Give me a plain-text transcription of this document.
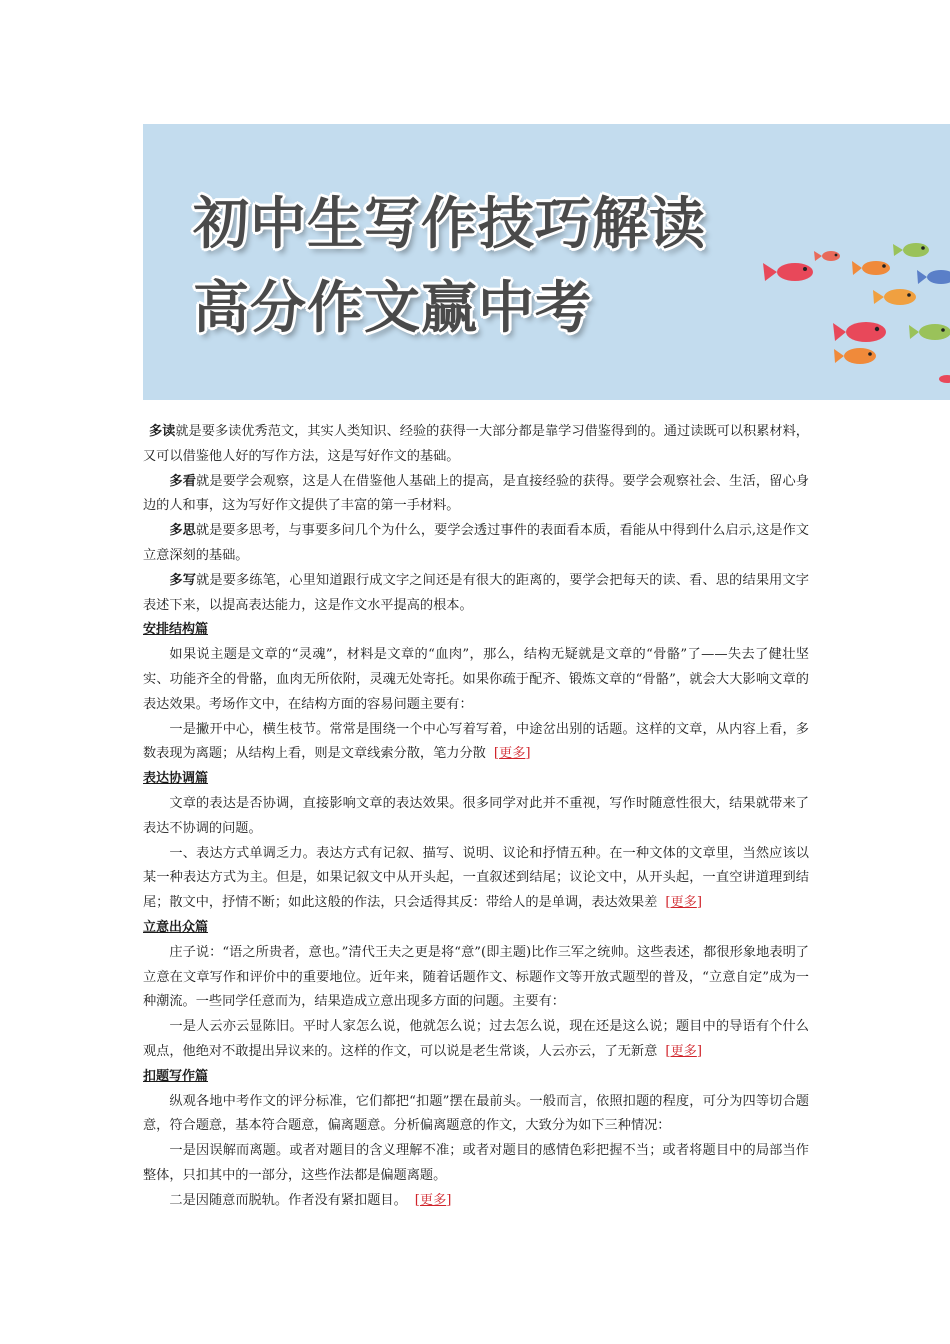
初中生写作技巧解读
高分作文赢中考

多读就是要多读优秀范文，其实人类知识、经验的获得一大部分都是靠学习借鉴得到的。通过读既可以积累材料，又可以借鉴他人好的写作方法，这是写好作文的基础。

多看就是要学会观察，这是人在借鉴他人基础上的提高，是直接经验的获得。要学会观察社会、生活，留心身边的人和事，这为写好作文提供了丰富的第一手材料。

多思就是要多思考，与事要多问几个为什么，要学会透过事件的表面看本质，看能从中得到什么启示,这是作文立意深刻的基础。

多写就是要多练笔，心里知道跟行成文字之间还是有很大的距离的，要学会把每天的读、看、思的结果用文字表述下来，以提高表达能力，这是作文水平提高的根本。

安排结构篇

如果说主题是文章的“灵魂”，材料是文章的“血肉”，那么，结构无疑就是文章的“骨骼”了——失去了健壮坚实、功能齐全的骨骼，血肉无所依附，灵魂无处寄托。如果你疏于配齐、锻炼文章的“骨骼”，就会大大影响文章的表达效果。考场作文中，在结构方面的容易问题主要有：

一是撇开中心，横生枝节。常常是围绕一个中心写着写着，中途岔出别的话题。这样的文章，从内容上看，多数表现为离题；从结构上看，则是文章线索分散，笔力分散 [更多]

表达协调篇

文章的表达是否协调，直接影响文章的表达效果。很多同学对此并不重视，写作时随意性很大，结果就带来了表达不协调的问题。

一、表达方式单调乏力。表达方式有记叙、描写、说明、议论和抒情五种。在一种文体的文章里，当然应该以某一种表达方式为主。但是，如果记叙文中从开头起，一直叙述到结尾；议论文中，从开头起，一直空讲道理到结尾；散文中，抒情不断；如此这般的作法，只会适得其反：带给人的是单调，表达效果差 [更多]

立意出众篇

庄子说：“语之所贵者，意也。”清代王夫之更是将“意”(即主题)比作三军之统帅。这些表述，都很形象地表明了立意在文章写作和评价中的重要地位。近年来，随着话题作文、标题作文等开放式题型的普及，“立意自定”成为一种潮流。一些同学任意而为，结果造成立意出现多方面的问题。主要有：

一是人云亦云显陈旧。平时人家怎么说，他就怎么说；过去怎么说，现在还是这么说；题目中的导语有个什么观点，他绝对不敢提出异议来的。这样的作文，可以说是老生常谈，人云亦云，了无新意 [更多]

扣题写作篇

纵观各地中考作文的评分标准，它们都把“扣题”摆在最前头。一般而言，依照扣题的程度，可分为四等切合题意，符合题意，基本符合题意，偏离题意。分析偏离题意的作文，大致分为如下三种情况：

一是因误解而离题。或者对题目的含义理解不准；或者对题目的感情色彩把握不当；或者将题目中的局部当作整体，只扣其中的一部分，这些作法都是偏题离题。

二是因随意而脱轨。作者没有紧扣题目。 [更多]
